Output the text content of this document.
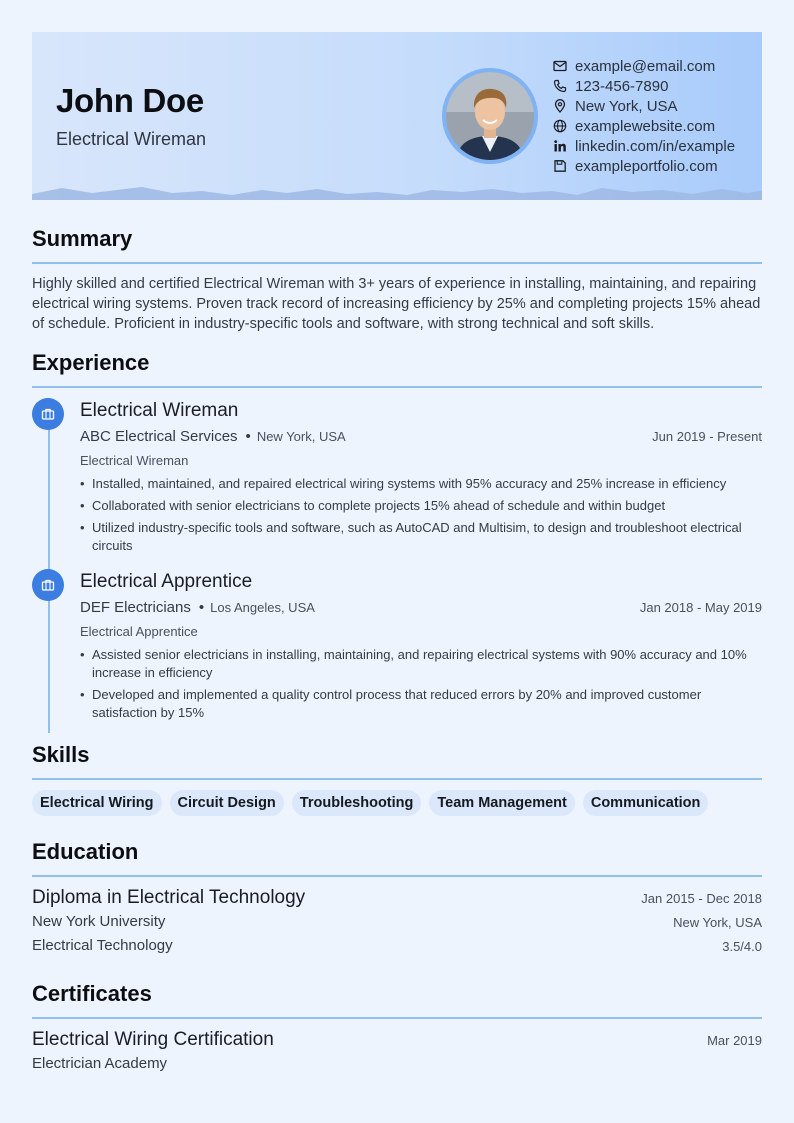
John Doe
Electrical Wireman
example@email.com
123-456-7890
New York, USA
examplewebsite.com
linkedin.com/in/example
exampleportfolio.com
Summary

Highly skilled and certified Electrical Wireman with 3+ years of experience in installing, maintaining, and repairing electrical wiring systems. Proven track record of increasing efficiency by 25% and completing projects 15% ahead of schedule. Proficient in industry-specific tools and software, with strong technical and soft skills.

Experience
Electrical Wireman
ABC Electrical Services • New York, USA	Jun 2019 - Present
Electrical Wireman
• Installed, maintained, and repaired electrical wiring systems with 95% accuracy and 25% increase in efficiency
• Collaborated with senior electricians to complete projects 15% ahead of schedule and within budget
• Utilized industry-specific tools and software, such as AutoCAD and Multisim, to design and troubleshoot electrical circuits
Electrical Apprentice
DEF Electricians • Los Angeles, USA	Jan 2018 - May 2019
Electrical Apprentice
• Assisted senior electricians in installing, maintaining, and repairing electrical systems with 90% accuracy and 10% increase in efficiency
• Developed and implemented a quality control process that reduced errors by 20% and improved customer satisfaction by 15%
Skills
Electrical Wiring	Circuit Design	Troubleshooting	Team Management	Communication
Education
Diploma in Electrical Technology	Jan 2015 - Dec 2018
New York University	New York, USA
Electrical Technology	3.5/4.0
Certificates
Electrical Wiring Certification	Mar 2019
Electrician Academy
